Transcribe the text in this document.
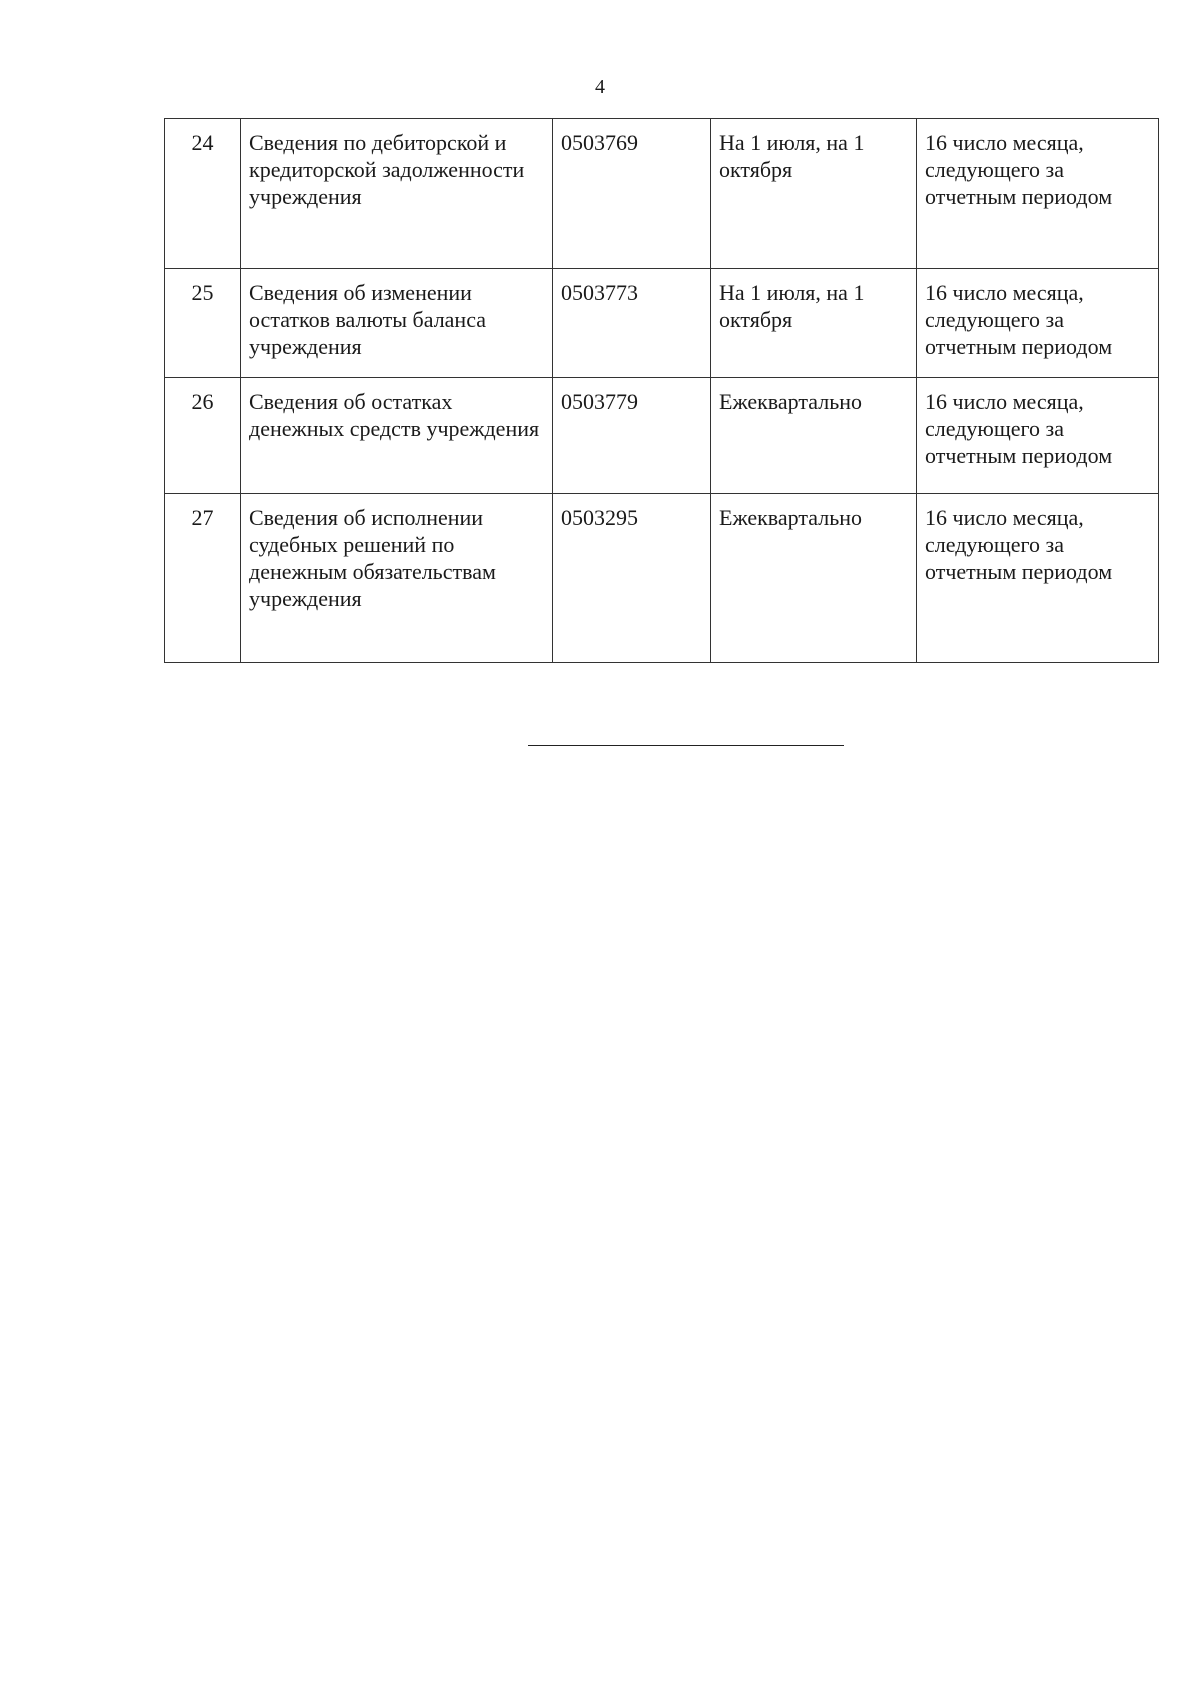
4
24	Сведения по дебиторской и кредиторской задолженности учреждения	0503769	На 1 июля, на 1 октября	16 число месяца, следующего за отчетным периодом
25	Сведения об изменении остатков валюты баланса учреждения	0503773	На 1 июля, на 1 октября	16 число месяца, следующего за отчетным периодом
26	Сведения об остатках денежных средств учреждения	0503779	Ежеквартально	16 число месяца, следующего за отчетным периодом
27	Сведения об исполнении судебных решений по денежным обязательствам учреждения	0503295	Ежеквартально	16 число месяца, следующего за отчетным периодом
